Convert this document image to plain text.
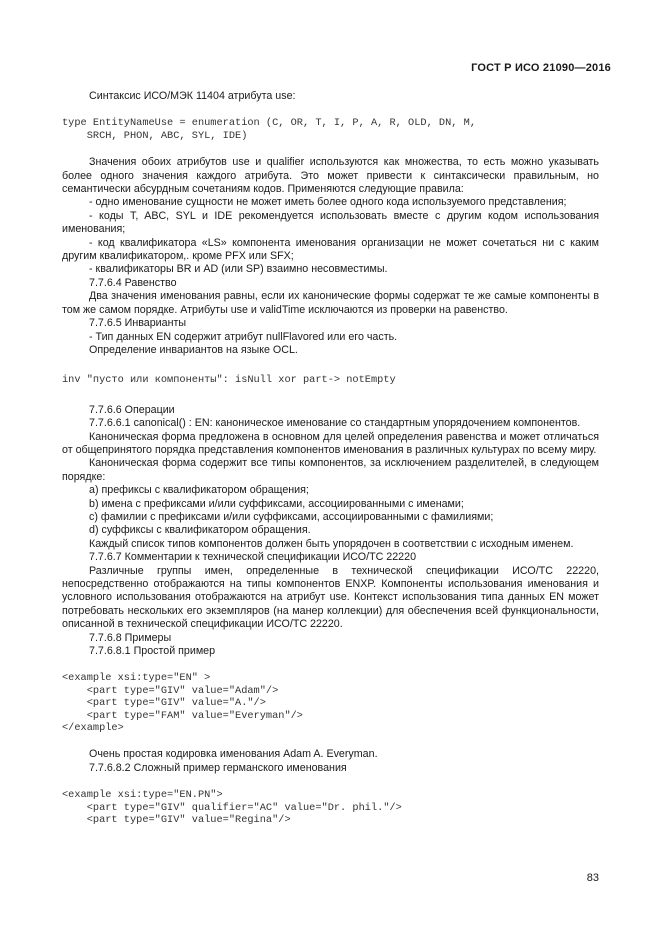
ГОСТ Р ИСО 21090—2016

Синтаксис ИСО/МЭК 11404 атрибута use:

type EntityNameUse = enumeration (C, OR, T, I, P, A, R, OLD, DN, M,
SRCH, PHON, ABC, SYL, IDE)

Значения обоих атрибутов use и qualifier используются как множества, то есть можно указывать более одного значения каждого атрибута. Это может привести к синтаксически правильным, но семантически абсурдным сочетаниям кодов. Применяются следующие правила:

- одно именование сущности не может иметь более одного кода используемого представления;

- коды T, ABC, SYL и IDE рекомендуется использовать вместе с другим кодом использования именования;

- код квалификатора «LS» компонента именования организации не может сочетаться ни с каким другим квалификатором,. кроме PFX или SFX;

- квалификаторы BR и AD (или SP) взаимно несовместимы.

7.7.6.4 Равенство

Два значения именования равны, если их канонические формы содержат те же самые компоненты в том же самом порядке. Атрибуты use и validTime исключаются из проверки на равенство.

7.7.6.5 Инварианты

- Тип данных EN содержит атрибут nullFlavored или его часть.

Определение инвариантов на языке OCL.

inv "пусто или компоненты": isNull xor part-> notEmpty

7.7.6.6 Операции

7.7.6.6.1 canonical() : EN: каноническое именование со стандартным упорядочением компонентов.

Каноническая форма предложена в основном для целей определения равенства и может отличаться от общепринятого порядка представления компонентов именования в различных культурах по всему миру.

Каноническая форма содержит все типы компонентов, за исключением разделителей, в следующем порядке:

a) префиксы с квалификатором обращения;

b) имена с префиксами и/или суффиксами, ассоциированными с именами;

c) фамилии с префиксами и/или суффиксами, ассоциированными с фамилиями;

d) суффиксы с квалификатором обращения.

Каждый список типов компонентов должен быть упорядочен в соответствии с исходным именем.

7.7.6.7 Комментарии к технической спецификации ИСО/ТС 22220

Различные группы имен, определенные в технической спецификации ИСО/ТС 22220, непосредственно отображаются на типы компонентов ENXP. Компоненты использования именования и условного использования отображаются на атрибут use. Контекст использования типа данных EN может потребовать нескольких его экземпляров (на манер коллекции) для обеспечения всей функциональности, описанной в технической спецификации ИСО/ТС 22220.

7.7.6.8 Примеры

7.7.6.8.1 Простой пример

<example xsi:type="EN" >
<part type="GIV" value="Adam"/>
<part type="GIV" value="A."/>
<part type="FAM" value="Everyman"/>
</example>

Очень простая кодировка именования Adam A. Everyman.

7.7.6.8.2 Сложный пример германского именования

<example xsi:type="EN.PN">
<part type="GIV" qualifier="AC" value="Dr. phil."/>
<part type="GIV" value="Regina"/>
83
